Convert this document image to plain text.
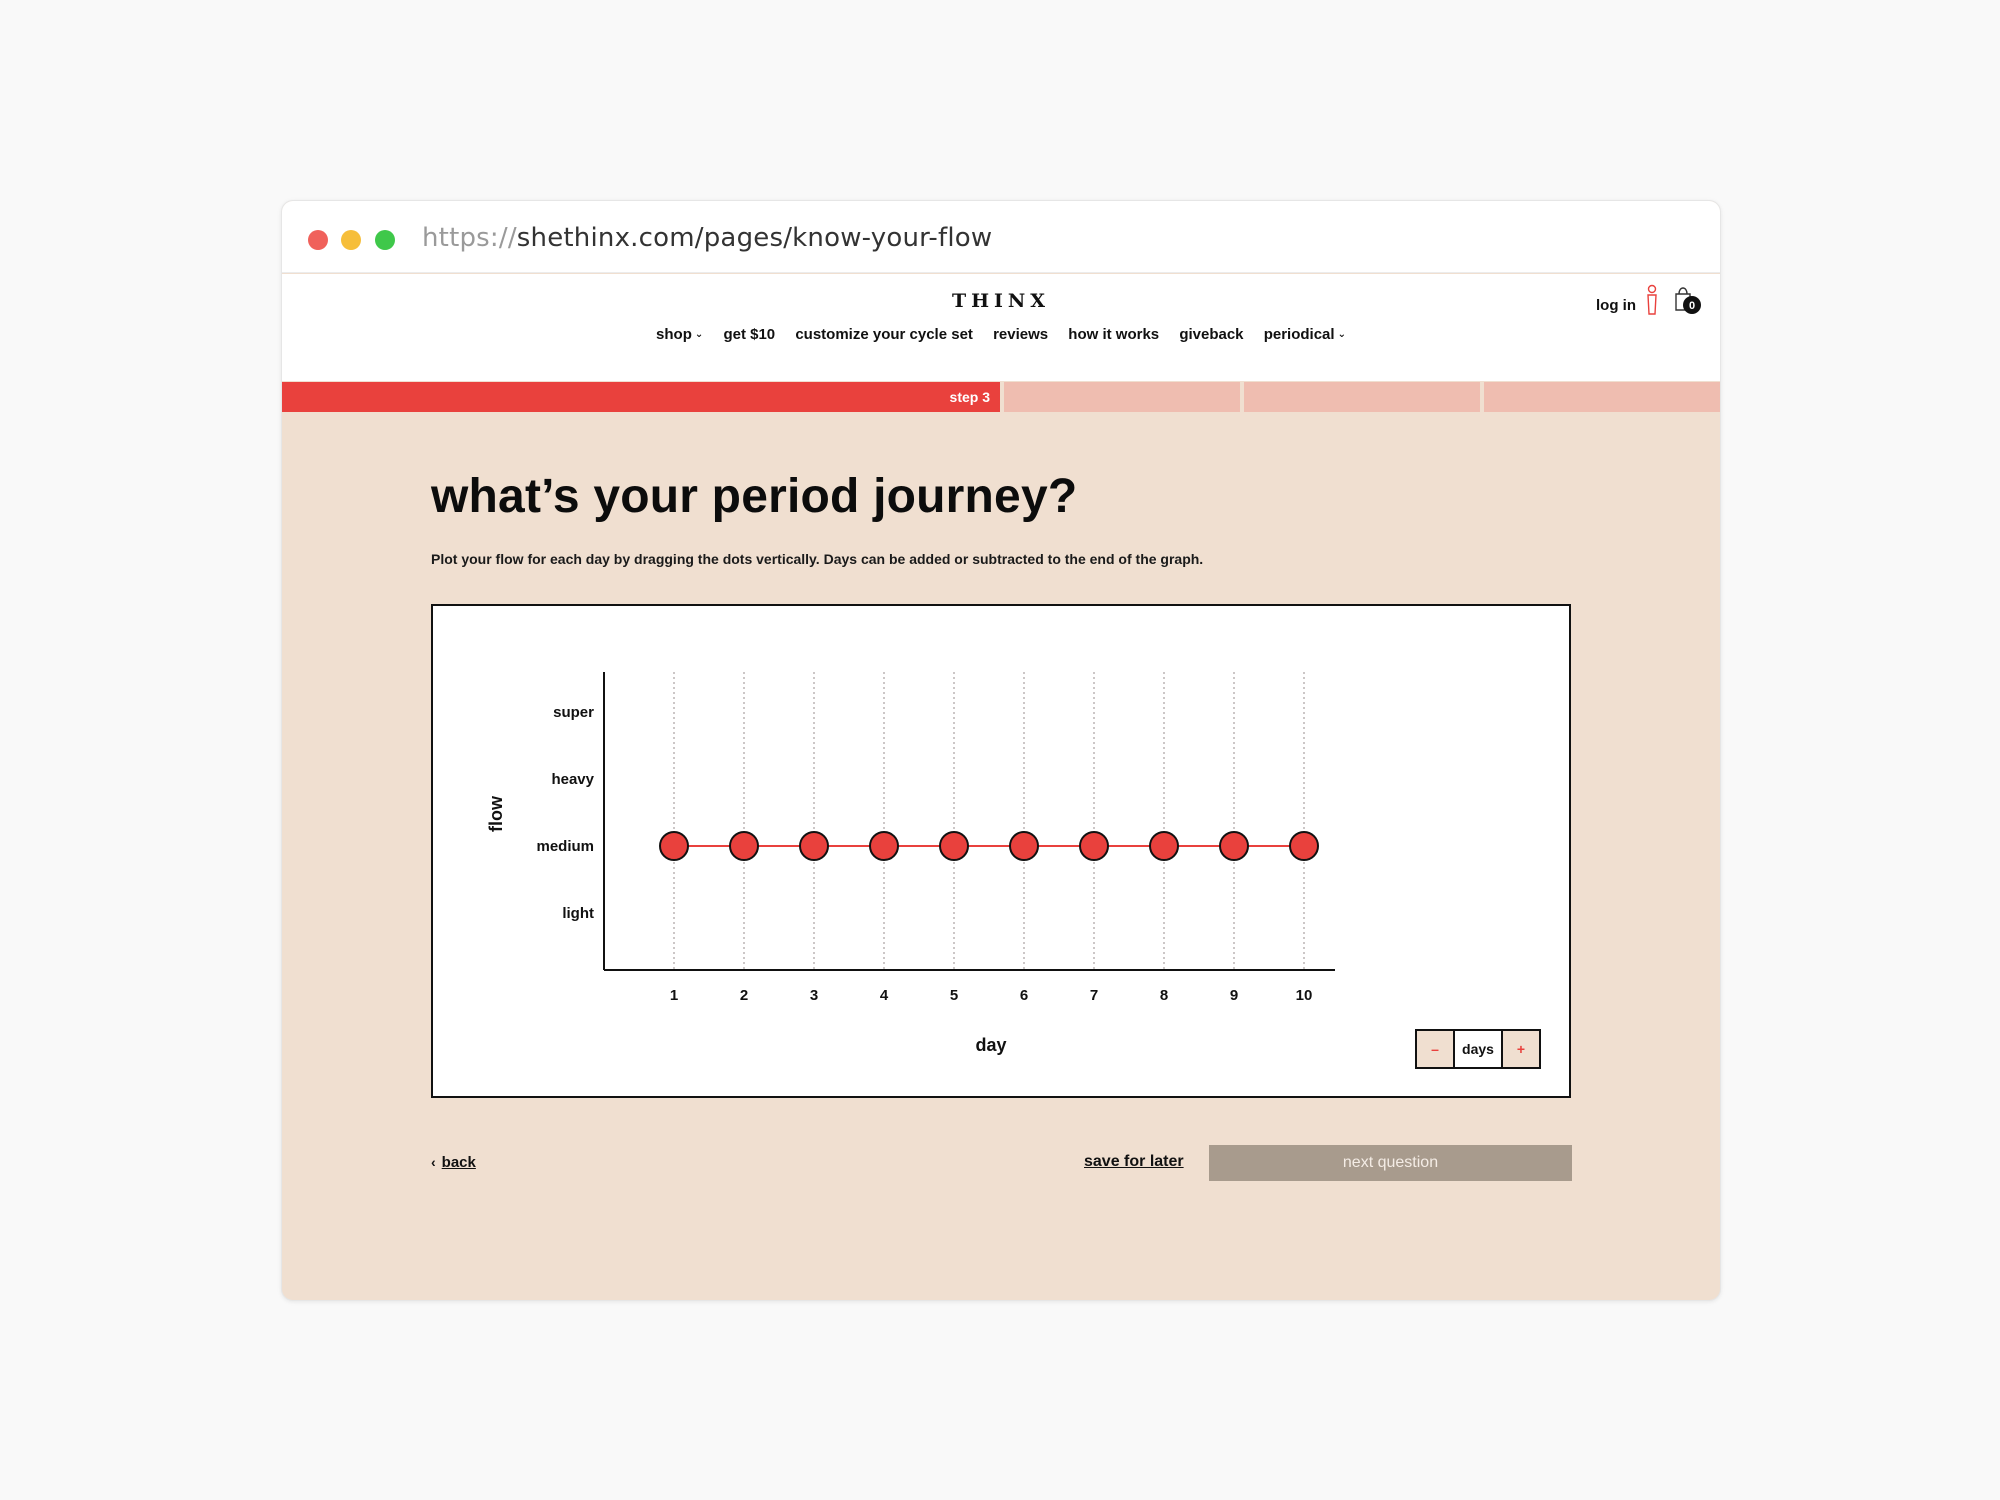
https://shethinx.com/pages/know-your-flow
THINX
shop ⌄ get $10 customize your cycle set reviews how it works giveback periodical ⌄
log in	0
step 3
what’s your period journey?

Plot your flow for each day by dragging the dots vertically. Days can be added or subtracted to the end of the graph.

light
medium
heavy
super
1	2	3	4	5	6	7	8	9	10
day
flow
–	days	+
‹ back	save for later	next question
